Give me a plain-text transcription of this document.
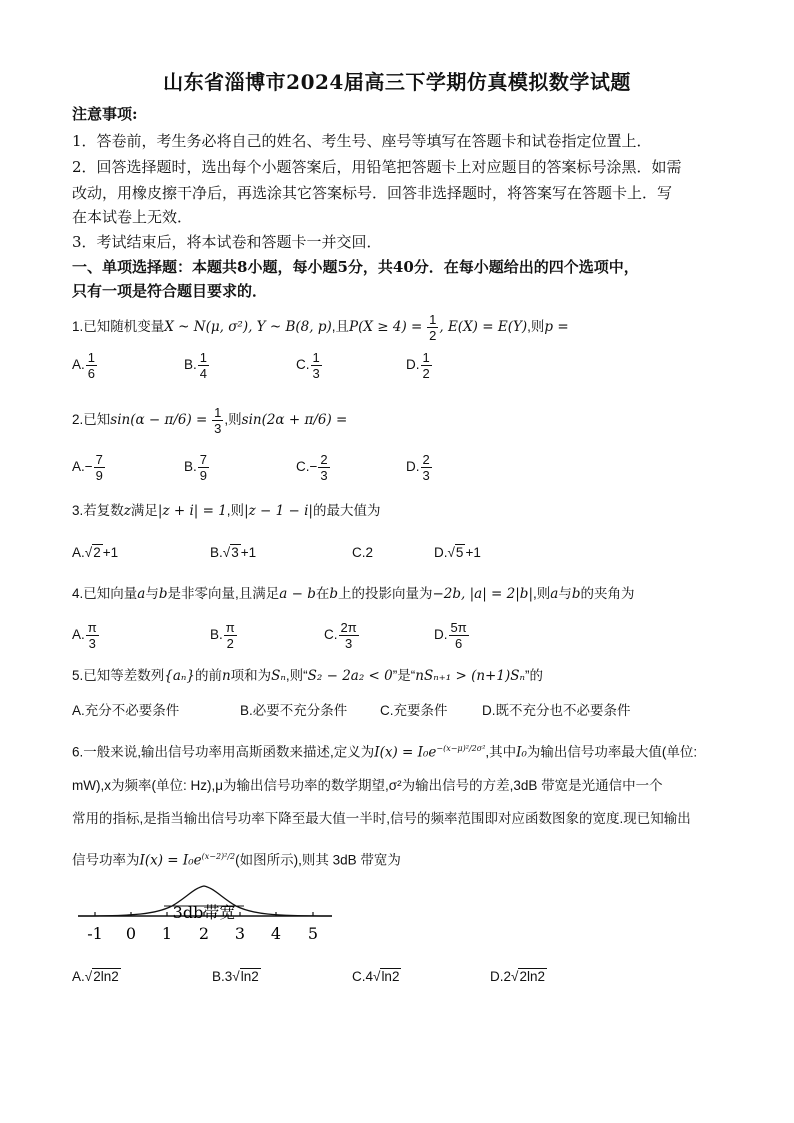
山东省淄博市2024届高三下学期仿真模拟数学试题
注意事项:
1．答卷前，考生务必将自己的姓名、考生号、座号等填写在答题卡和试卷指定位置上．
2．回答选择题时，选出每个小题答案后，用铅笔把答题卡上对应题目的答案标号涂黑．如需
改动，用橡皮擦干净后，再选涂其它答案标号．回答非选择题时，将答案写在答题卡上．写
在本试卷上无效．
3．考试结束后，将本试卷和答题卡一并交回．
一、单项选择题：本题共8小题，每小题5分，共40分．在每小题给出的四个选项中，
只有一项是符合题目要求的．
1.已知随机变量X ~ N(μ, σ²), Y ~ B(8, p),且$P(X \ge 4) = \frac{1}{2}$ , E(X) = E(Y),则p =
A. $\frac{1}{6}$	B. $\frac{1}{4}$	C. $\frac{1}{3}$	D. $\frac{1}{2}$
2.已知$\sin(\alpha - \pi/6) = \frac{1}{3}$ ,则sin(2α + π/6) =
$A.- \frac{7}{9}$	B. $\frac{7}{9}$	$C.- \frac{2}{3}$	D. $\frac{2}{3}$
3.若复数z满足|z + i| = 1,则|z − 1 − i|的最大值为
A.√2 +1	B.√3 +1	C.2	D.√5 +1
4.已知向量a与b是非零向量,且满足a − b在b上的投影向量为−2b, |a| = 2|b|,则a与b的夹角为
A. $\frac{\pi}{3}$	B. $\frac{\pi}{2}$	C. $\frac{2\pi}{3}$	D. $\frac{5\pi}{6}$
5.已知等差数列{aₙ}的前n项和为Sₙ,则“S₂ − 2a₂ < 0”是“nSₙ₊₁ > (n+1)Sₙ”的
A.充分不必要条件	B.必要不充分条件 C.充要条件	D.既不充分也不必要条件
6.一般来说,输出信号功率用高斯函数来描述,定义为$I(x) = I_0e^{-(x-\mu)^2/2\sigma^2}$,其中I₀为输出信号功率最大值(单位:
mW),x为频率(单位: Hz),μ为输出信号功率的数学期望,σ²为输出信号的方差,3dB 带宽是光通信中一个
常用的指标,是指当输出信号功率下降至最大值一半时,信号的频率范围即对应函数图象的宽度.现已知输出
信号功率为$I(x) = I_0e^{(x-2)^2/2}$(如图所示),则其 3dB 带宽为
3db带宽
-1 0 1 2 3 4 5
A.√2ln2	B.3√ln2	C.4√ln2	D.2√2ln2
